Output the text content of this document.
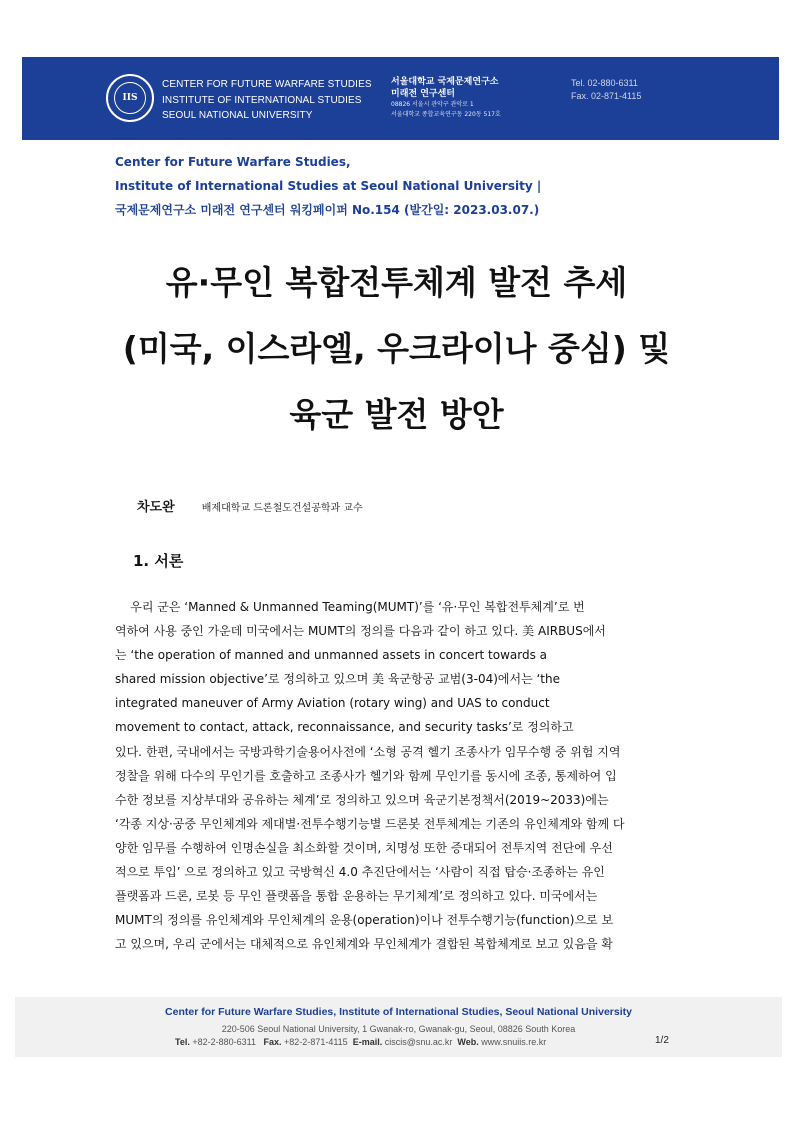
IIS
CENTER FOR FUTURE WARFARE STUDIES
INSTITUTE OF INTERNATIONAL STUDIES
SEOUL NATIONAL UNIVERSITY
서울대학교 국제문제연구소
미래전 연구센터
08826 서울시 관악구 관악로 1
서울대학교 종합교육연구동 220동 517호
Tel. 02-880-6311
Fax. 02-871-4115
Center for Future Warfare Studies,
Institute of International Studies at Seoul National University |
국제문제연구소 미래전 연구센터 워킹페이퍼 No.154 (발간일: 2023.03.07.)
유·무인 복합전투체계 발전 추세
(미국, 이스라엘, 우크라이나 중심) 및
육군 발전 방안
차도완	배제대학교 드론철도건설공학과 교수
1. 서론
우리 군은 ‘Manned & Unmanned Teaming(MUMT)’를 ‘유·무인 복합전투체계’로 번
역하여 사용 중인 가운데 미국에서는 MUMT의 정의를 다음과 같이 하고 있다. 美 AIRBUS에서
는 ‘the operation of manned and unmanned assets in concert towards a
shared mission objective’로 정의하고 있으며 美 육군항공 교범(3-04)에서는 ‘the
integrated maneuver of Army Aviation (rotary wing) and UAS to conduct
movement to contact, attack, reconnaissance, and security tasks’로 정의하고
있다. 한편, 국내에서는 국방과학기술용어사전에 ‘소형 공격 헬기 조종사가 임무수행 중 위험 지역
정찰을 위해 다수의 무인기를 호출하고 조종사가 헬기와 함께 무인기를 동시에 조종, 통제하여 입
수한 정보를 지상부대와 공유하는 체계’로 정의하고 있으며 육군기본정책서(2019~2033)에는
‘각종 지상·공중 무인체계와 제대별·전투수행기능별 드론봇 전투체계는 기존의 유인체계와 함께 다
양한 임무를 수행하여 인명손실을 최소화할 것이며, 치명성 또한 증대되어 전투지역 전단에 우선
적으로 투입’ 으로 정의하고 있고 국방혁신 4.0 추진단에서는 ‘사람이 직접 탑승·조종하는 유인
플랫폼과 드론, 로봇 등 무인 플랫폼을 통합 운용하는 무기체계’로 정의하고 있다. 미국에서는
MUMT의 정의를 유인체계와 무인체계의 운용(operation)이나 전투수행기능(function)으로 보
고 있으며, 우리 군에서는 대체적으로 유인체계와 무인체계가 결합된 복합체계로 보고 있음을 확
Center for Future Warfare Studies, Institute of International Studies, Seoul National University
220-506 Seoul National University, 1 Gwanak-ro, Gwanak-gu, Seoul, 08826 South Korea
Tel. +82-2-880-6311 Fax. +82-2-871-4115 E-mail. ciscis@snu.ac.kr Web. www.snuiis.re.kr	1/2
